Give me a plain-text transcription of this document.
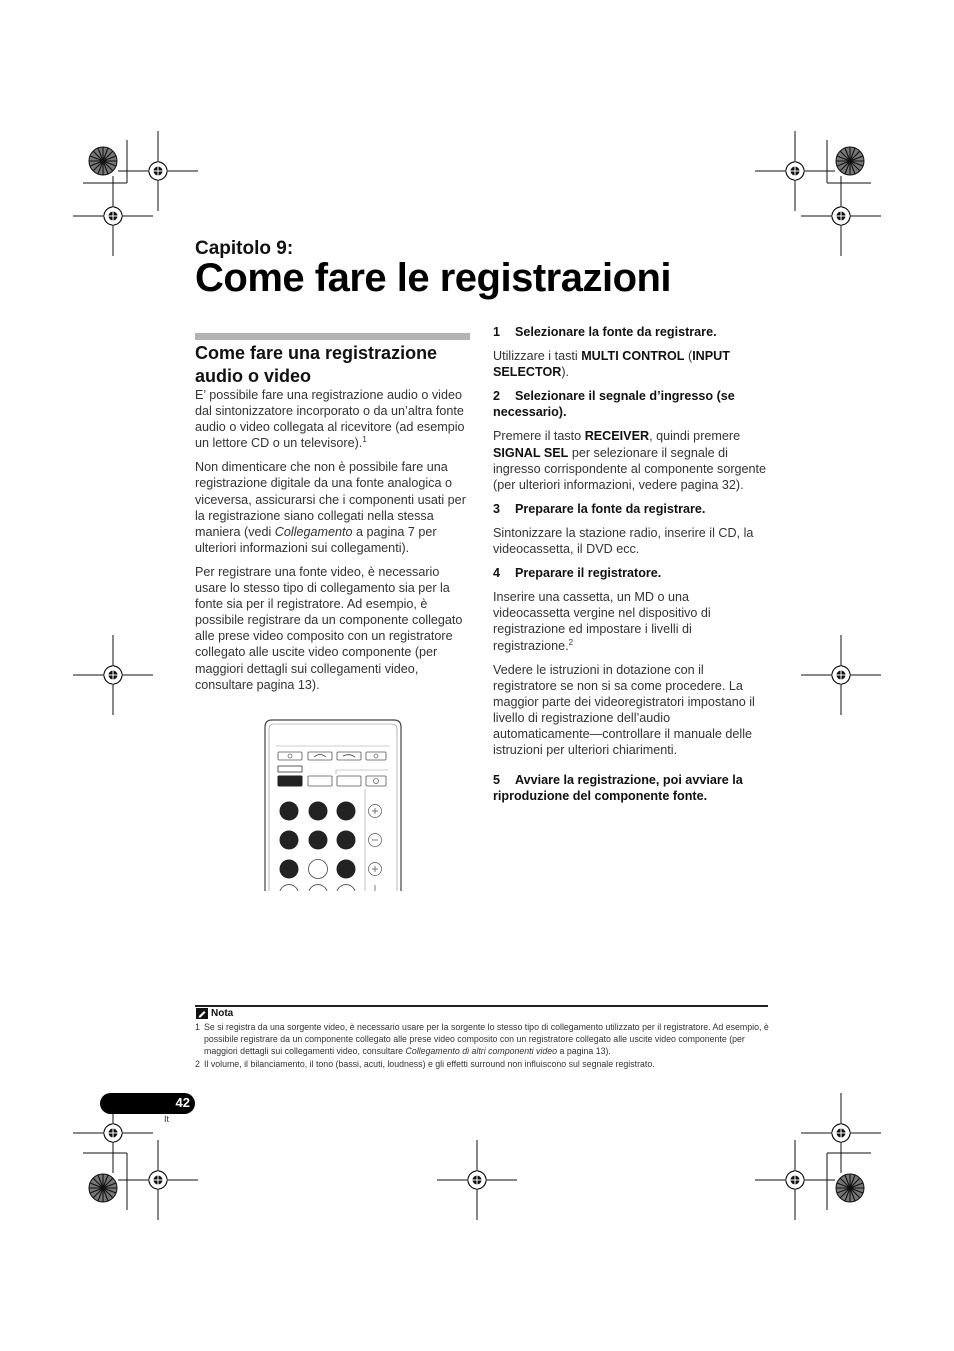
Capitolo 9:
Come fare le registrazioni
Come fare una registrazione audio o video

E’ possibile fare una registrazione audio o video dal sintonizzatore incorporato o da un’altra fonte audio o video collegata al ricevitore (ad esempio un lettore CD o un televisore).$^1$

Non dimenticare che non è possibile fare una registrazione digitale da una fonte analogica o viceversa, assicurarsi che i componenti usati per la registrazione siano collegati nella stessa maniera (vedi Collegamento a pagina 7 per ulteriori informazioni sui collegamenti).

Per registrare una fonte video, è necessario usare lo stesso tipo di collegamento sia per la fonte sia per il registratore. Ad esempio, è possibile registrare da un componente collegato alle prese video composito con un registratore collegato alle uscite video componente (per maggiori dettagli sui collegamenti video, consultare pagina 13).

1 Selezionare la fonte da registrare.

Utilizzare i tasti MULTI CONTROL (INPUT SELECTOR).

2 Selezionare il segnale d’ingresso (se necessario).

Premere il tasto RECEIVER, quindi premere SIGNAL SEL per selezionare il segnale di ingresso corrispondente al componente sorgente (per ulteriori informazioni, vedere pagina 32).

3 Preparare la fonte da registrare.

Sintonizzare la stazione radio, inserire il CD, la videocassetta, il DVD ecc.

4 Preparare il registratore.

Inserire una cassetta, un MD o una videocassetta vergine nel dispositivo di registrazione ed impostare i livelli di registrazione.$^2$

Vedere le istruzioni in dotazione con il registratore se non si sa come procedere. La maggior parte dei videoregistratori impostano il livello di registrazione dell’audio automaticamente—controllare il manuale delle istruzioni per ulteriori chiarimenti.

5 Avviare la registrazione, poi avviare la riproduzione del componente fonte.

Nota
1 Se si registra da una sorgente video, è necessario usare per la sorgente lo stesso tipo di collegamento utilizzato per il registratore. Ad esempio, è possibile registrare da un componente collegato alle prese video composito con un registratore collegato alle uscite video componente (per maggiori dettagli sui collegamenti video, consultare Collegamento di altri componenti video a pagina 13).
2 Il volume, il bilanciamento, il tono (bassi, acuti, loudness) e gli effetti surround non influiscono sul segnale registrato.
42
It
